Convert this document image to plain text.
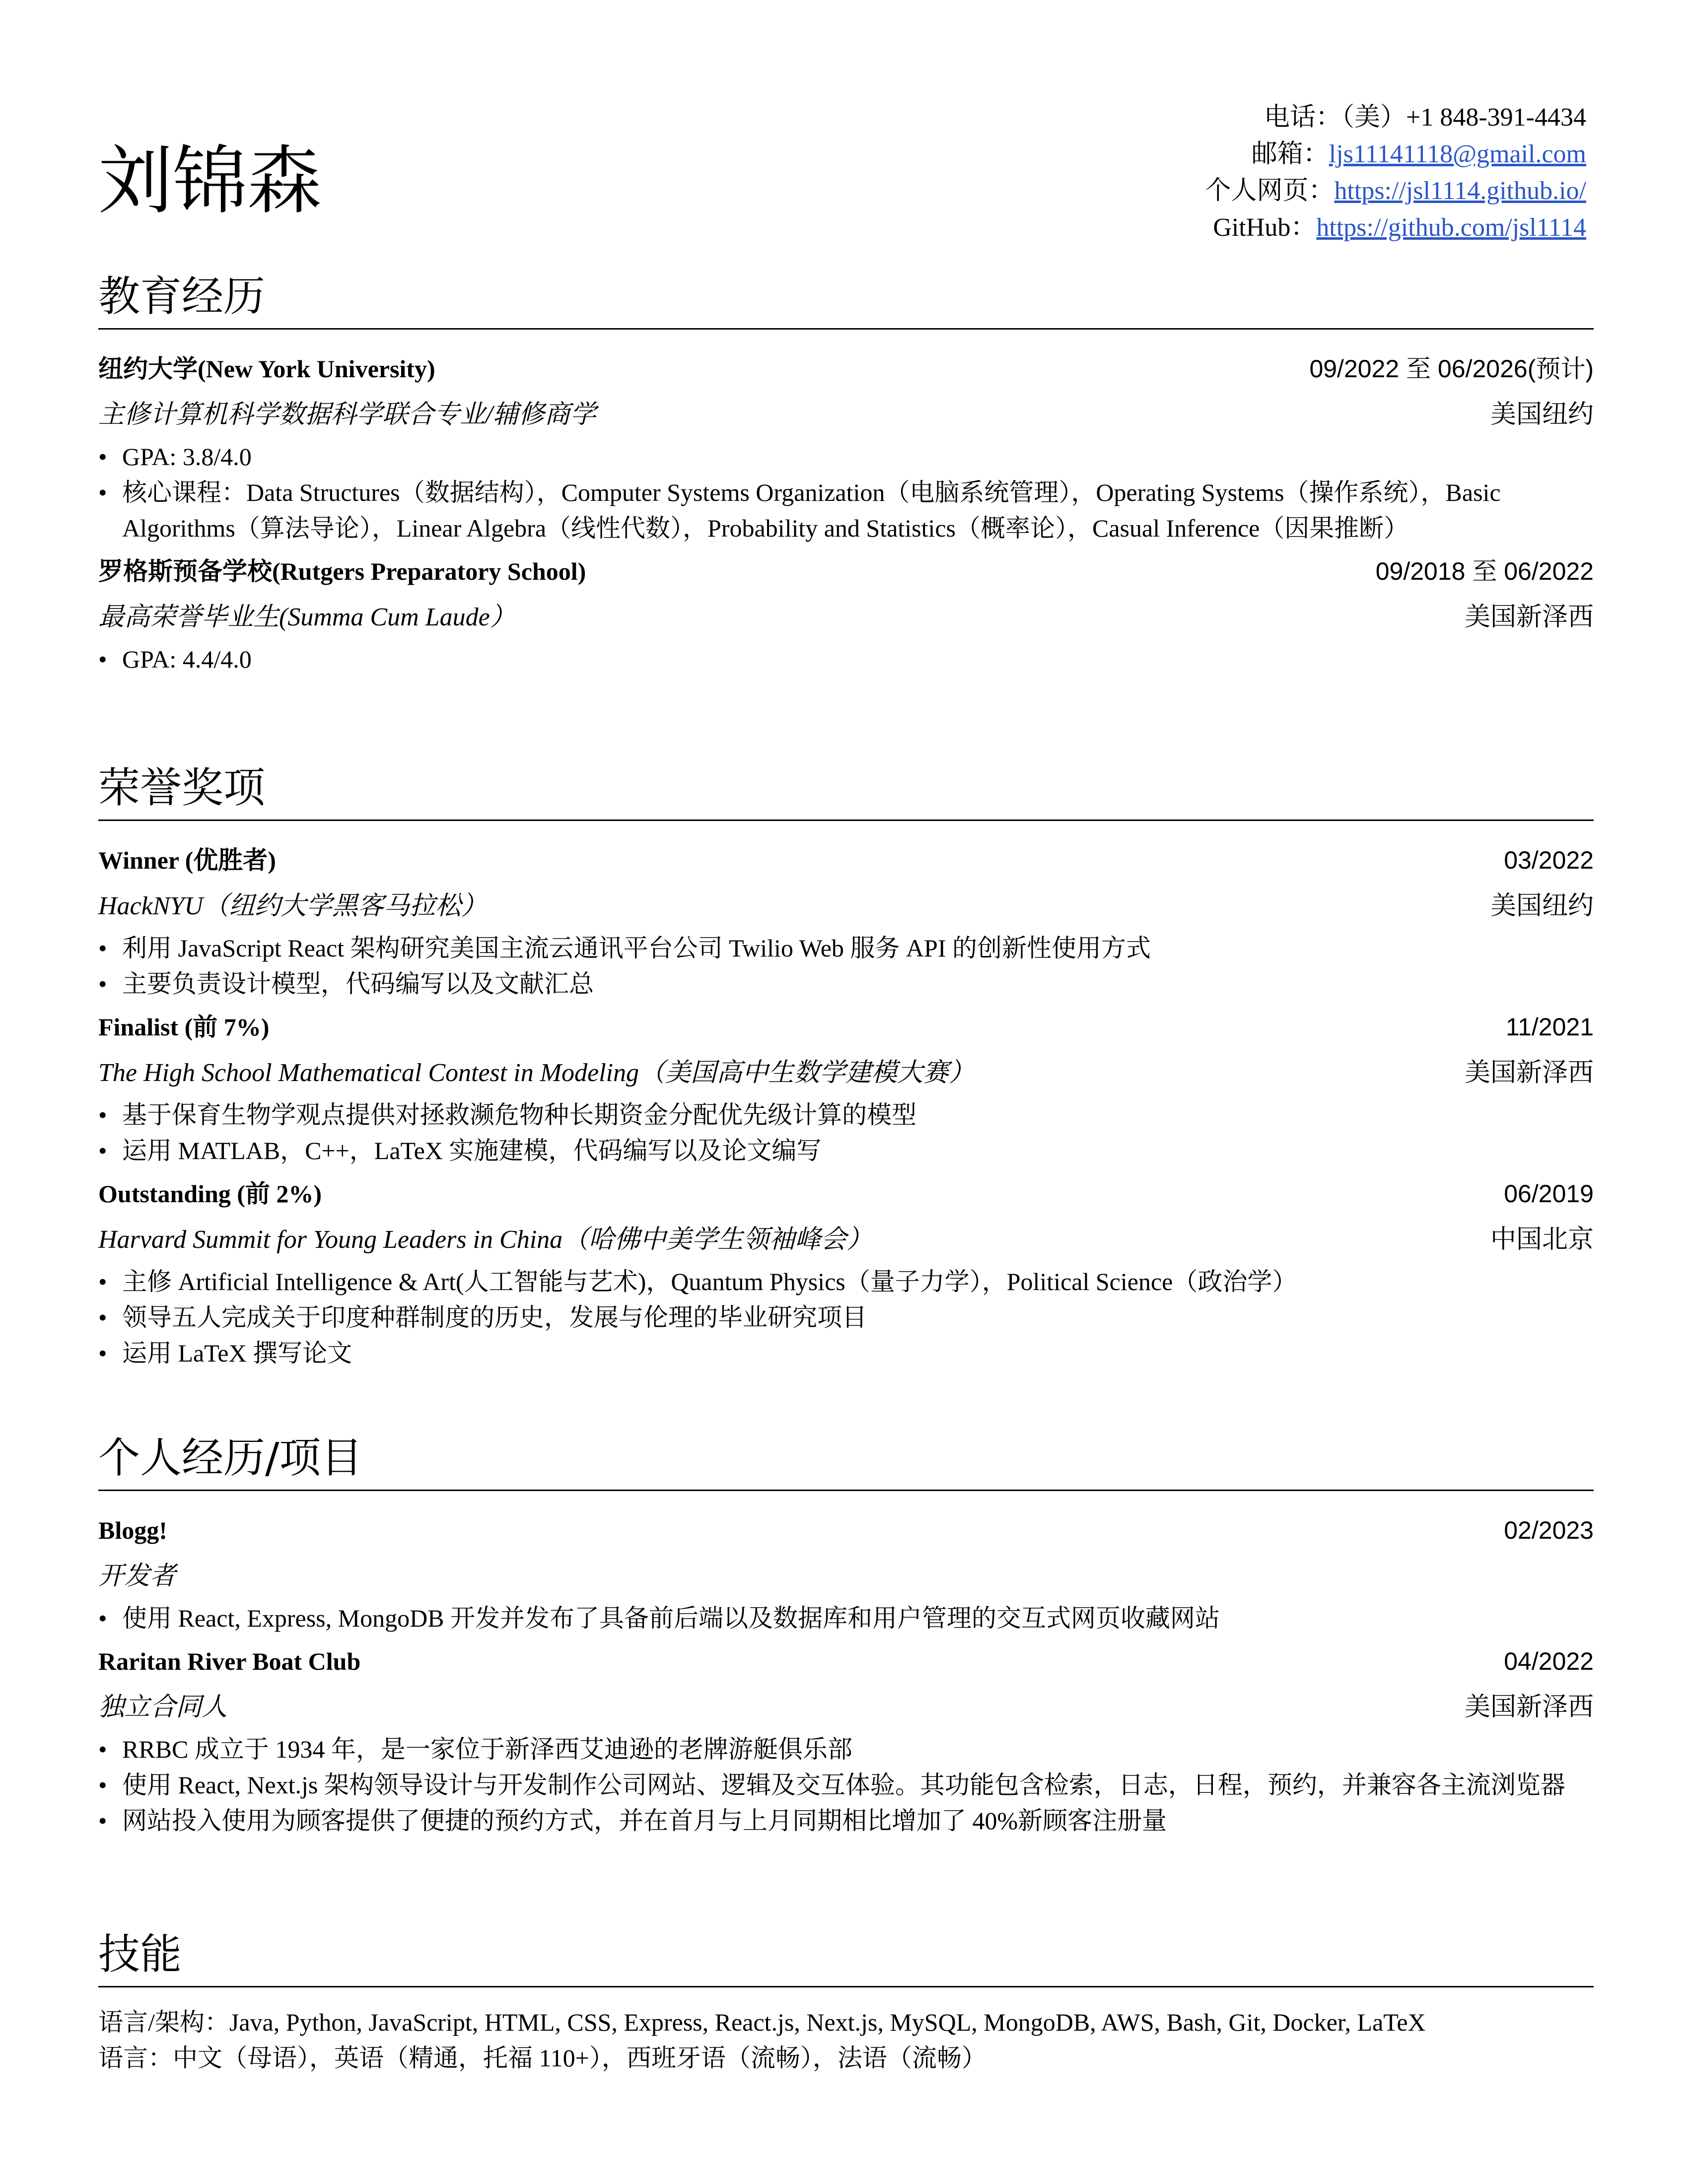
刘锦森
电话：（美）+1 848-391-4434
邮箱：ljs11141118@gmail.com
个人网页：https://jsl1114.github.io/
GitHub：https://github.com/jsl1114
教育经历
纽约大学(New York University)	09/2022 至 06/2026(预计)
主修计算机科学数据科学联合专业/辅修商学	美国纽约
• GPA: 3.8/4.0
• 核心课程：Data Structures（数据结构），Computer Systems Organization（电脑系统管理），Operating Systems（操作系统），Basic Algorithms（算法导论），Linear Algebra（线性代数），Probability and Statistics（概率论），Casual Inference（因果推断）
罗格斯预备学校(Rutgers Preparatory School)	09/2018 至 06/2022
最高荣誉毕业生(Summa Cum Laude）	美国新泽西
• GPA: 4.4/4.0
荣誉奖项
Winner (优胜者)	03/2022
HackNYU（纽约大学黑客马拉松）	美国纽约
• 利用 JavaScript React 架构研究美国主流云通讯平台公司 Twilio Web 服务 API 的创新性使用方式
• 主要负责设计模型，代码编写以及文献汇总
Finalist (前 7%)	11/2021
The High School Mathematical Contest in Modeling（美国高中生数学建模大赛）	美国新泽西
• 基于保育生物学观点提供对拯救濒危物种长期资金分配优先级计算的模型
• 运用 MATLAB，C++，LaTeX 实施建模，代码编写以及论文编写
Outstanding (前 2%)	06/2019
Harvard Summit for Young Leaders in China（哈佛中美学生领袖峰会）	中国北京
• 主修 Artificial Intelligence & Art(人工智能与艺术)，Quantum Physics（量子力学），Political Science（政治学）
• 领导五人完成关于印度种群制度的历史，发展与伦理的毕业研究项目
• 运用 LaTeX 撰写论文
个人经历/项目
Blogg!	02/2023
开发者
• 使用 React, Express, MongoDB 开发并发布了具备前后端以及数据库和用户管理的交互式网页收藏网站
Raritan River Boat Club	04/2022
独立合同人	美国新泽西
• RRBC 成立于 1934 年，是一家位于新泽西艾迪逊的老牌游艇俱乐部
• 使用 React, Next.js 架构领导设计与开发制作公司网站、逻辑及交互体验。其功能包含检索，日志，日程，预约，并兼容各主流浏览器
• 网站投入使用为顾客提供了便捷的预约方式，并在首月与上月同期相比增加了 40%新顾客注册量
技能

语言/架构：Java, Python, JavaScript, HTML, CSS, Express, React.js, Next.js, MySQL, MongoDB, AWS, Bash, Git, Docker, LaTeX

语言：中文（母语），英语（精通，托福 110+），西班牙语（流畅），法语（流畅）
